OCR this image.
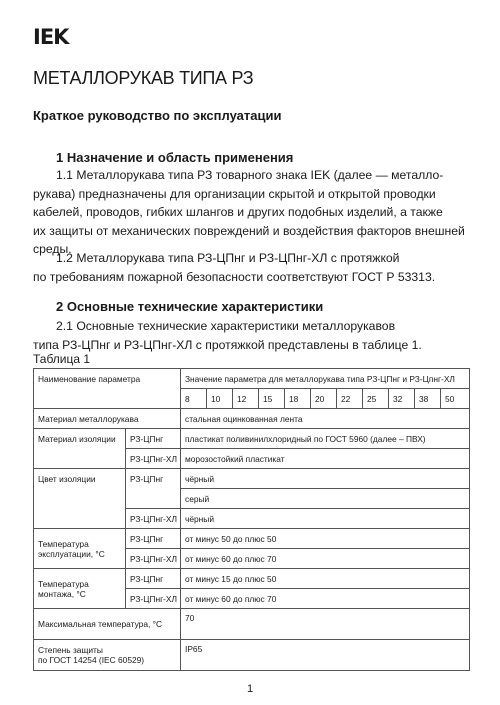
IEK
МЕТАЛЛОРУКАВ ТИПА РЗ
Краткое руководство по эксплуатации
1 Назначение и область применения
1.1 Металлорукава типа РЗ товарного знака IEK (далее — металло-
рукава) предназначены для организации скрытой и открытой проводки
кабелей, проводов, гибких шлангов и других подобных изделий, а также
их защиты от механических повреждений и воздействия факторов внешней
среды.
1.2 Металлорукава типа РЗ-ЦПнг и РЗ-ЦПнг-ХЛ с протяжкой
по требованиям пожарной безопасности соответствуют ГОСТ Р 53313.
2 Основные технические характеристики
2.1 Основные технические характеристики металлорукавов
типа РЗ-ЦПнг и РЗ-ЦПнг-ХЛ с протяжкой представлены в таблице 1.
Таблица 1
Наименование параметра		Значение параметра для металлорукава типа РЗ-ЦПнг и РЗ-Цпнг-ХЛ										
		8	10	12	15	18	20	22	25	32	38	50
Материал металлорукава		стальная оцинкованная лента										
Материал изоляции	РЗ-ЦПнг	пластикат поливинилхлоридный по ГОСТ 5960 (далее – ПВХ)										
	РЗ-ЦПнг-ХЛ	морозостойкий пластикат										
Цвет изоляции	РЗ-ЦПнг	чёрный										
		серый										
	РЗ-ЦПнг-ХЛ	чёрный										

Температура
эксплуатации, °С	РЗ-ЦПнг	от минус 50 до плюс 50										
	РЗ-ЦПнг-ХЛ	от минус 60 до плюс 70										

Температура
монтажа, °С	РЗ-ЦПнг	от минус 15 до плюс 50										
	РЗ-ЦПнг-ХЛ	от минус 60 до плюс 70										
Максимальная температура, °С		70										

Степень защиты
по ГОСТ 14254 (IEC 60529)		IP65										
1
